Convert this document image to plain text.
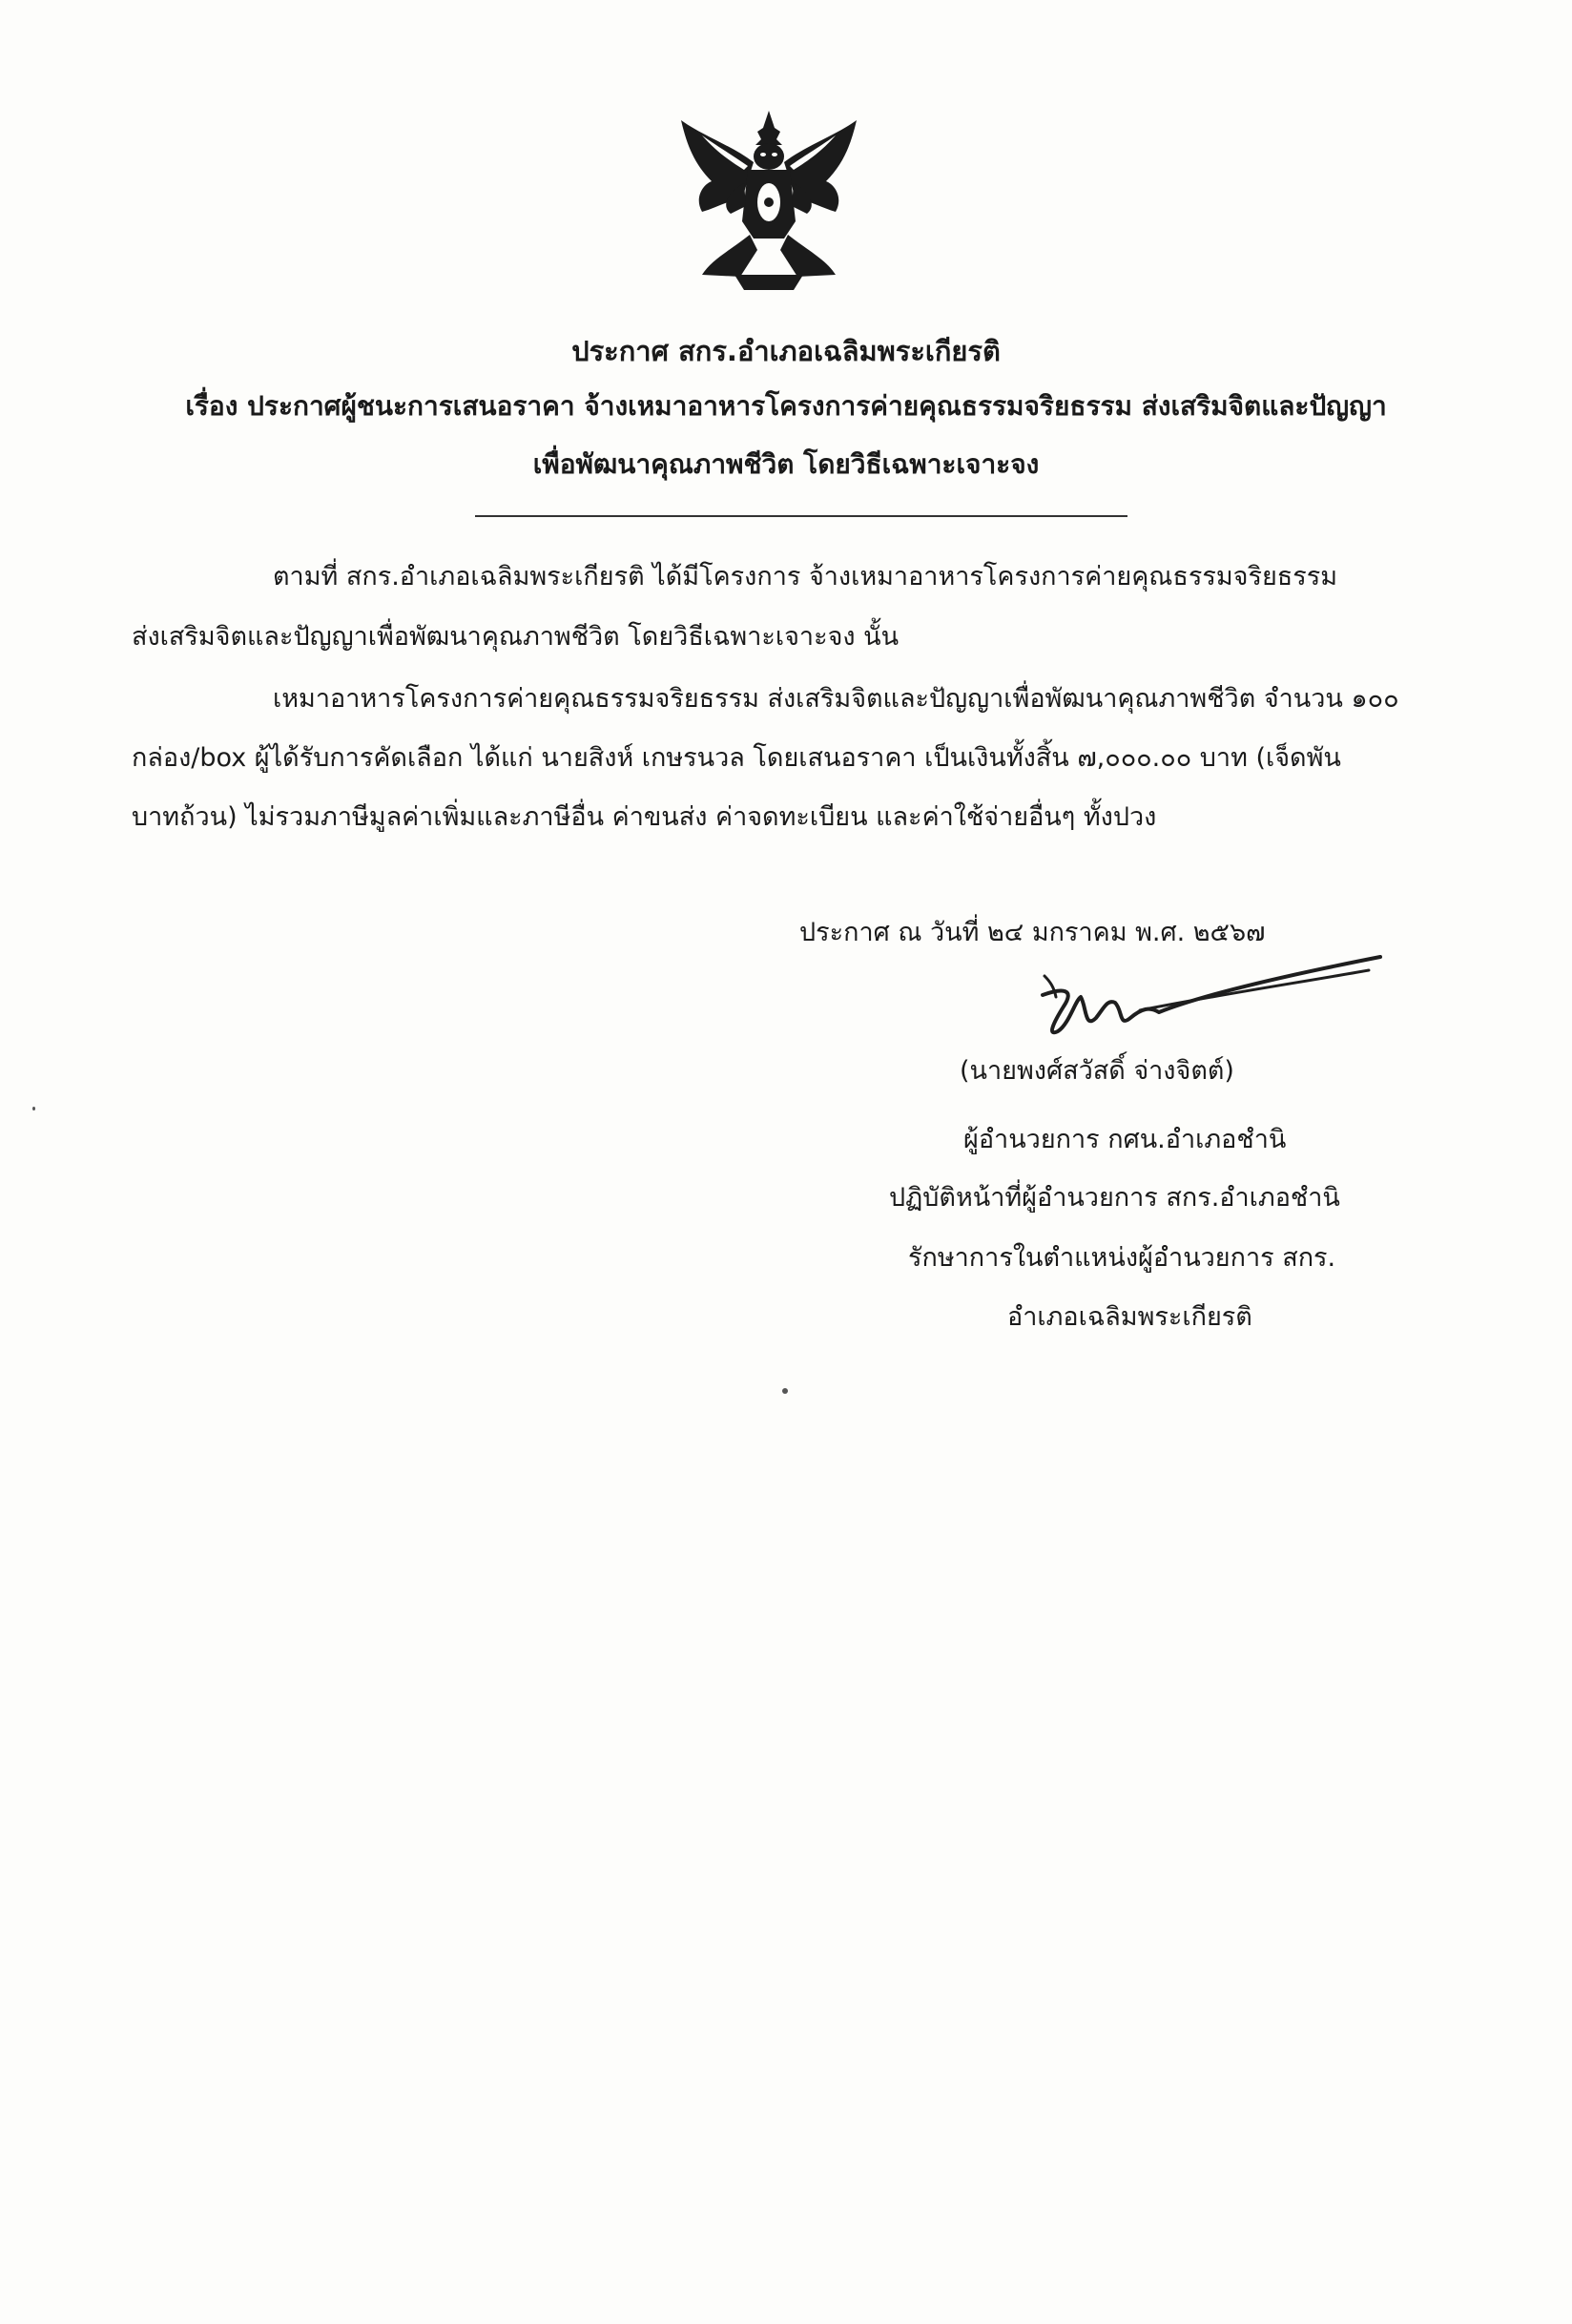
ประกาศ สกร.อำเภอเฉลิมพระเกียรติ
เรื่อง ประกาศผู้ชนะการเสนอราคา จ้างเหมาอาหารโครงการค่ายคุณธรรมจริยธรรม ส่งเสริมจิตและปัญญา
เพื่อพัฒนาคุณภาพชีวิต โดยวิธีเฉพาะเจาะจง
ตามที่ สกร.อำเภอเฉลิมพระเกียรติ ได้มีโครงการ จ้างเหมาอาหารโครงการค่ายคุณธรรมจริยธรรม
ส่งเสริมจิตและปัญญาเพื่อพัฒนาคุณภาพชีวิต โดยวิธีเฉพาะเจาะจง นั้น
เหมาอาหารโครงการค่ายคุณธรรมจริยธรรม ส่งเสริมจิตและปัญญาเพื่อพัฒนาคุณภาพชีวิต จำนวน ๑๐๐
กล่อง/box ผู้ได้รับการคัดเลือก ได้แก่ นายสิงห์ เกษรนวล โดยเสนอราคา เป็นเงินทั้งสิ้น ๗,๐๐๐.๐๐ บาท (เจ็ดพัน
บาทถ้วน) ไม่รวมภาษีมูลค่าเพิ่มและภาษีอื่น ค่าขนส่ง ค่าจดทะเบียน และค่าใช้จ่ายอื่นๆ ทั้งปวง
ประกาศ ณ วันที่ ๒๔ มกราคม พ.ศ. ๒๕๖๗
(นายพงศ์สวัสดิ์ จ่างจิตต์)
ผู้อำนวยการ กศน.อำเภอชำนิ
ปฏิบัติหน้าที่ผู้อำนวยการ สกร.อำเภอชำนิ
รักษาการในตำแหน่งผู้อำนวยการ สกร.
อำเภอเฉลิมพระเกียรติ
